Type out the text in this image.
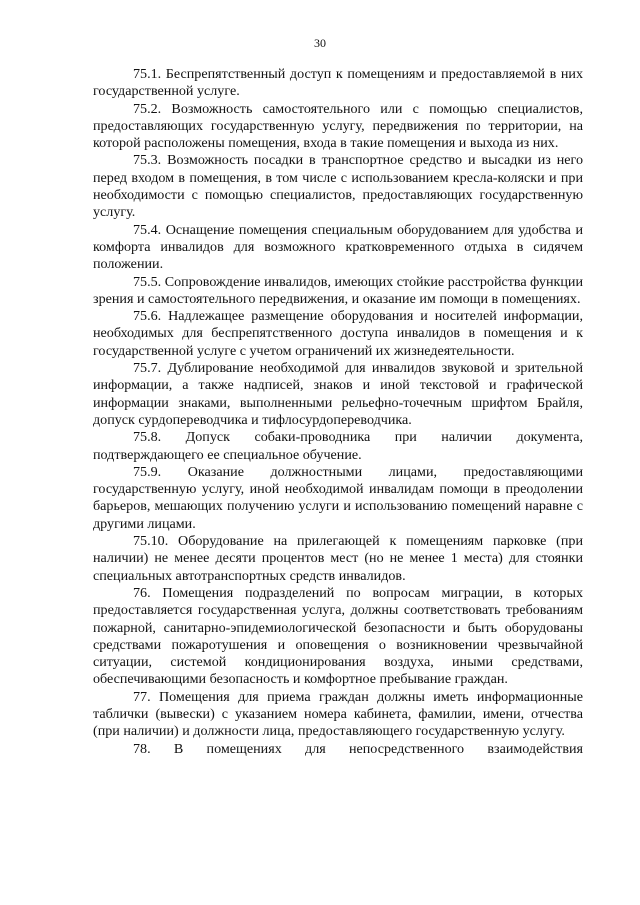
30

75.1. Беспрепятственный доступ к помещениям и предоставляемой в них государственной услуге.

75.2. Возможность самостоятельного или с помощью специалистов, предоставляющих государственную услугу, передвижения по территории, на которой расположены помещения, входа в такие помещения и выхода из них.

75.3. Возможность посадки в транспортное средство и высадки из него перед входом в помещения, в том числе с использованием кресла-коляски и при необходимости с помощью специалистов, предоставляющих государственную услугу.

75.4. Оснащение помещения специальным оборудованием для удобства и комфорта инвалидов для возможного кратковременного отдыха в сидячем положении.

75.5. Сопровождение инвалидов, имеющих стойкие расстройства функции зрения и самостоятельного передвижения, и оказание им помощи в помещениях.

75.6. Надлежащее размещение оборудования и носителей информации, необходимых для беспрепятственного доступа инвалидов в помещения и к государственной услуге с учетом ограничений их жизнедеятельности.

75.7. Дублирование необходимой для инвалидов звуковой и зрительной информации, а также надписей, знаков и иной текстовой и графической информации знаками, выполненными рельефно-точечным шрифтом Брайля, допуск сурдопереводчика и тифлосурдопереводчика.

75.8. Допуск собаки-проводника при наличии документа, подтверждающего ее специальное обучение.

75.9. Оказание должностными лицами, предоставляющими государственную услугу, иной необходимой инвалидам помощи в преодолении барьеров, мешающих получению услуги и использованию помещений наравне с другими лицами.

75.10. Оборудование на прилегающей к помещениям парковке (при наличии) не менее десяти процентов мест (но не менее 1 места) для стоянки специальных автотранспортных средств инвалидов.

76. Помещения подразделений по вопросам миграции, в которых предоставляется государственная услуга, должны соответствовать требованиям пожарной, санитарно-эпидемиологической безопасности и быть оборудованы средствами пожаротушения и оповещения о возникновении чрезвычайной ситуации, системой кондиционирования воздуха, иными средствами, обеспечивающими безопасность и комфортное пребывание граждан.

77. Помещения для приема граждан должны иметь информационные таблички (вывески) с указанием номера кабинета, фамилии, имени, отчества (при наличии) и должности лица, предоставляющего государственную услугу.

78. В помещениях для непосредственного взаимодействия
